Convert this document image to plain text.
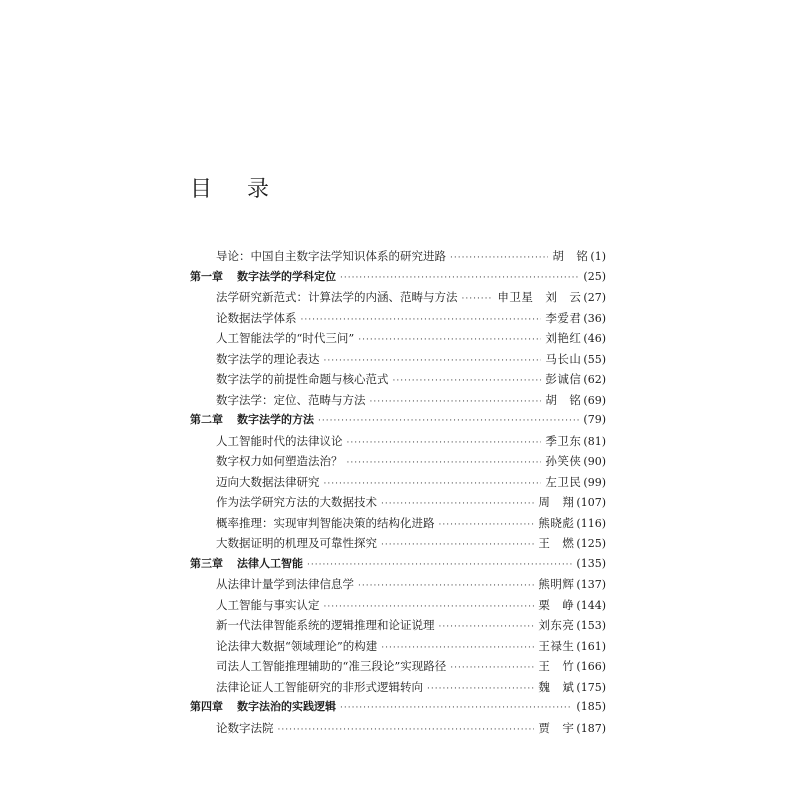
目 录
导论：中国自主数字法学知识体系的研究进路 ·····	胡　铭 (1)
第一章 数字法学的学科定位 ·····	(25)
法学研究新范式：计算法学的内涵、范畴与方法 ·····	申卫星　刘　云 (27)
论数据法学体系 ·····	李爱君 (36)
人工智能法学的“时代三问” ·····	刘艳红 (46)
数字法学的理论表达 ·····	马长山 (55)
数字法学的前提性命题与核心范式 ·····	彭诚信 (62)
数字法学：定位、范畴与方法 ·····	胡　铭 (69)
第二章 数字法学的方法 ·····	(79)
人工智能时代的法律议论 ·····	季卫东 (81)
数字权力如何塑造法治？ ·····	孙笑侠 (90)
迈向大数据法律研究 ·····	左卫民 (99)
作为法学研究方法的大数据技术 ·····	周　翔 (107)
概率推理：实现审判智能决策的结构化进路 ·····	熊晓彪 (116)
大数据证明的机理及可靠性探究 ·····	王　燃 (125)
第三章 法律人工智能 ·····	(135)
从法律计量学到法律信息学 ·····	熊明辉 (137)
人工智能与事实认定 ·····	栗　峥 (144)
新一代法律智能系统的逻辑推理和论证说理 ·····	刘东亮 (153)
论法律大数据“领域理论”的构建 ·····	王禄生 (161)
司法人工智能推理辅助的“准三段论”实现路径 ·····	王　竹 (166)
法律论证人工智能研究的非形式逻辑转向 ·····	魏　斌 (175)
第四章 数字法治的实践逻辑 ·····	(185)
论数字法院 ·····	贾　宇 (187)
